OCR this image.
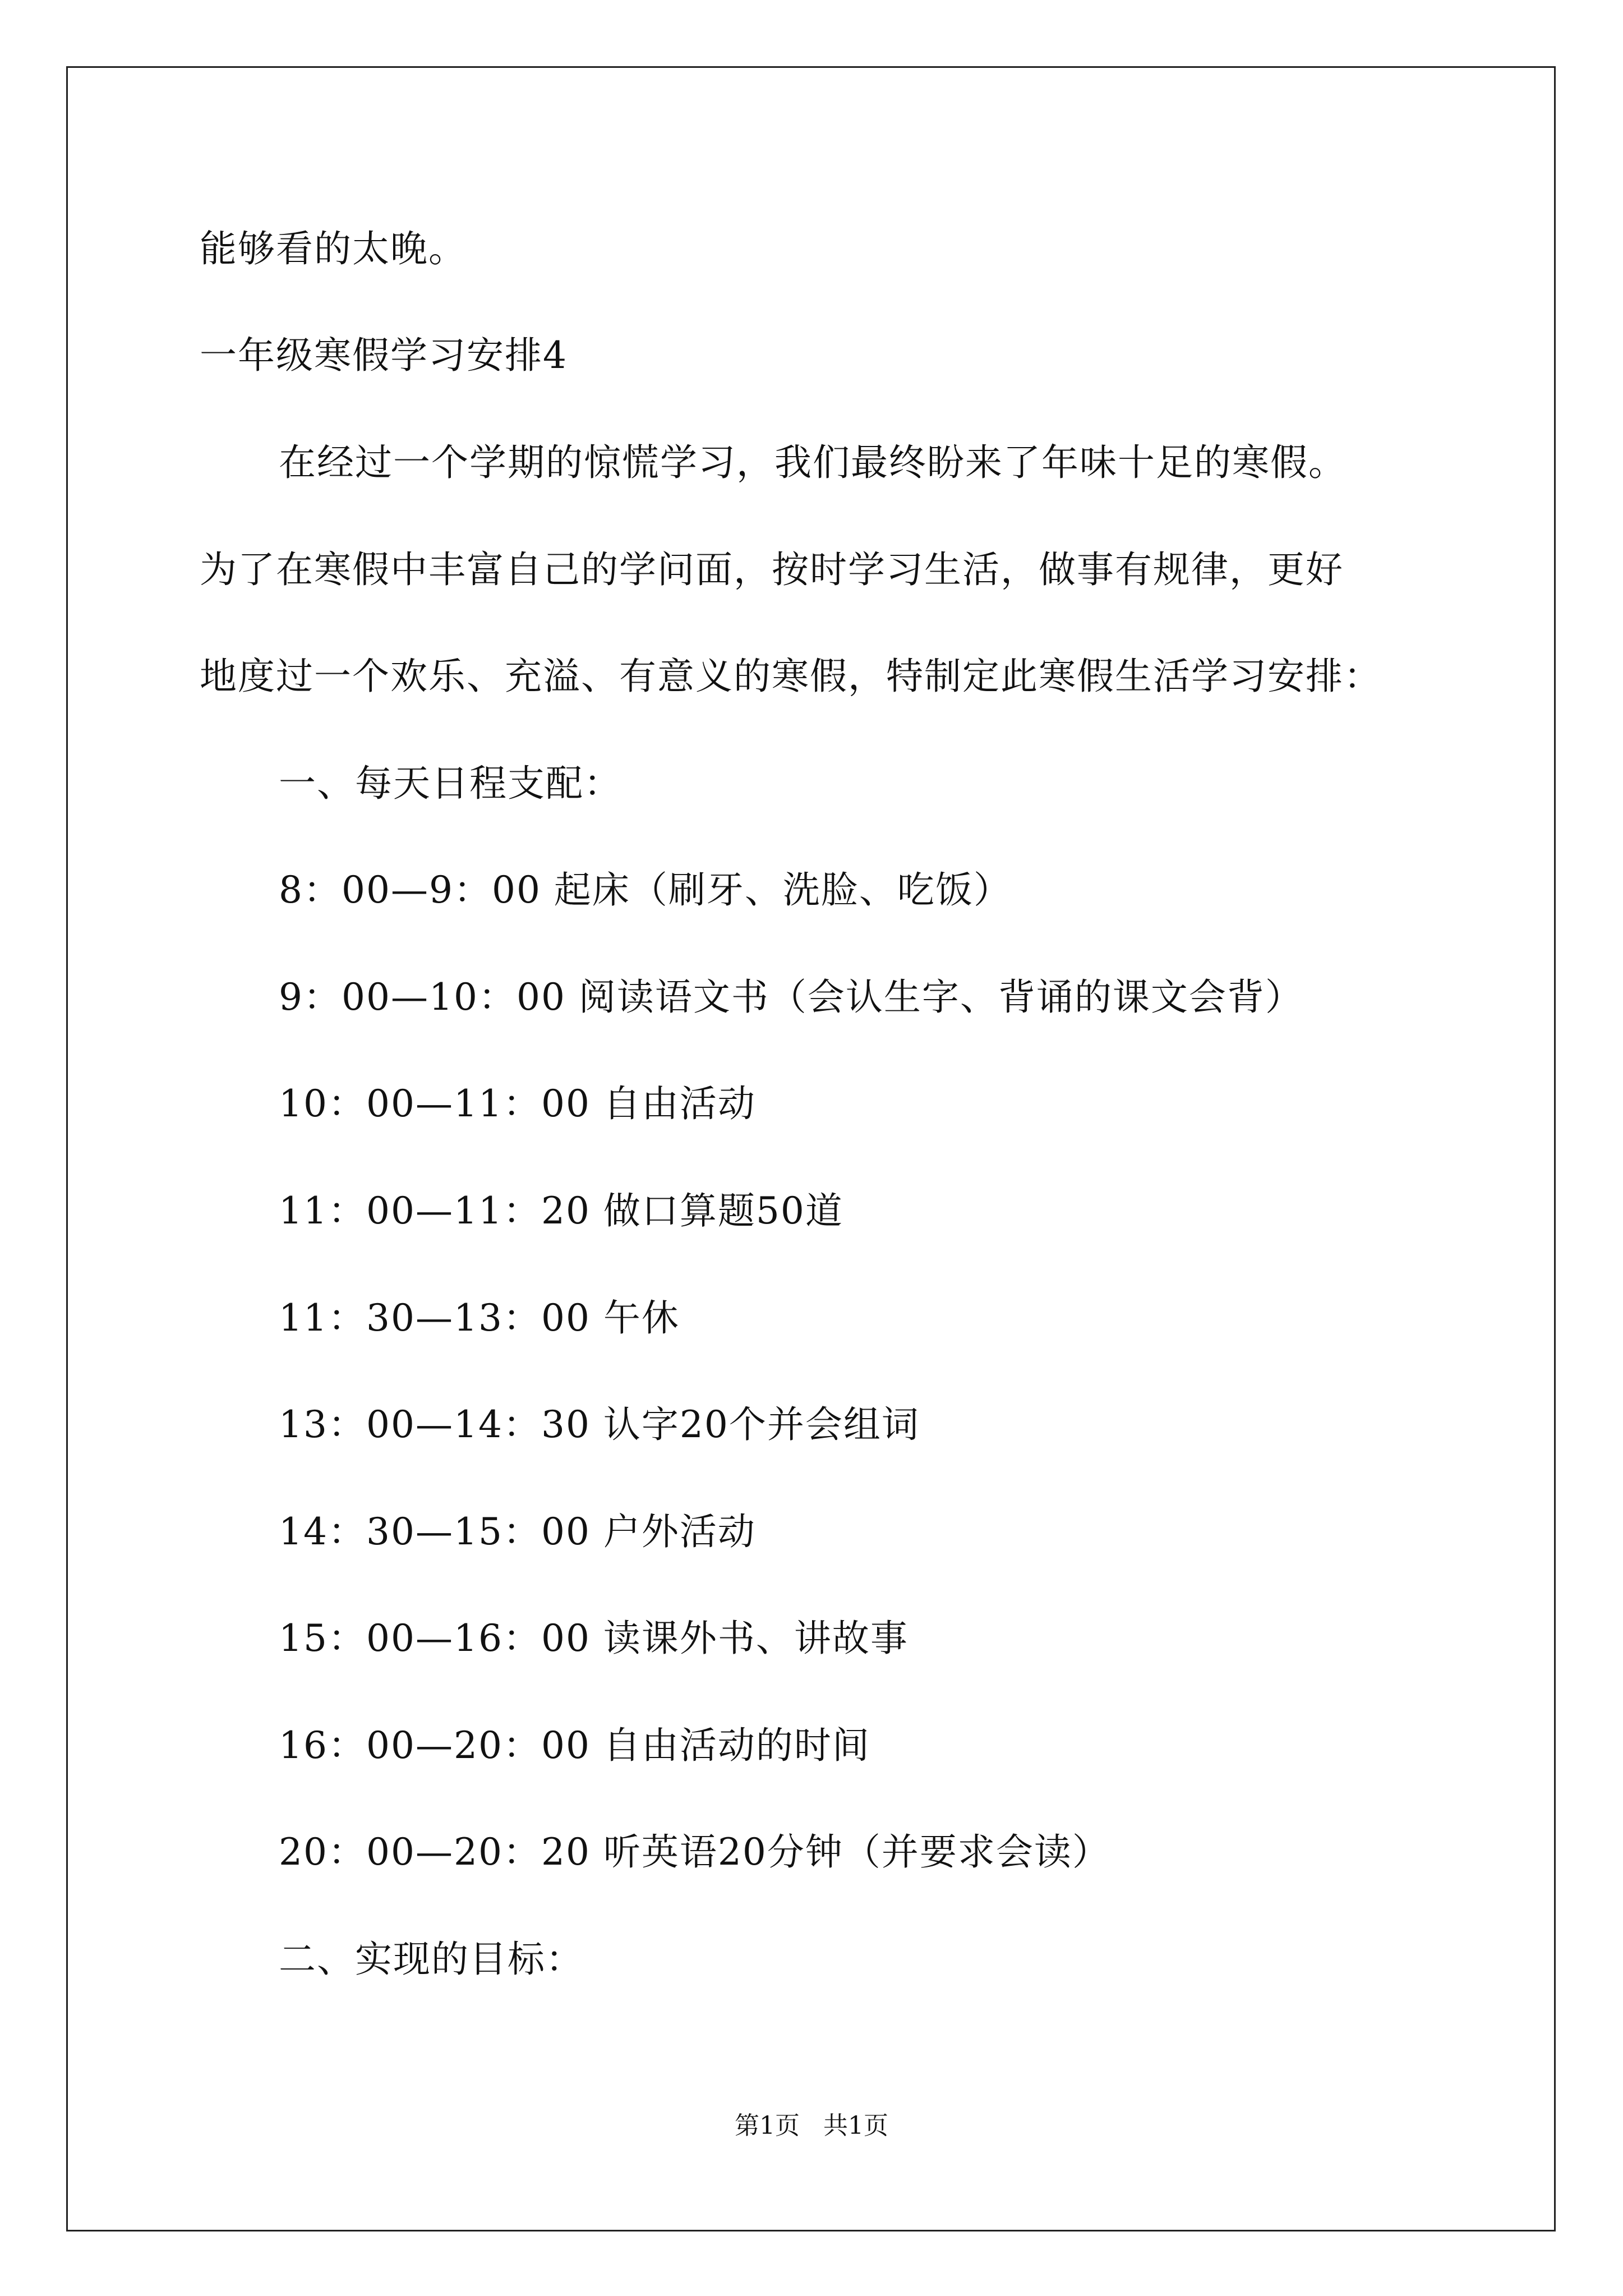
能够看的太晚。
一年级寒假学习安排4
在经过一个学期的惊慌学习，我们最终盼来了年味十足的寒假。
为了在寒假中丰富自己的学问面，按时学习生活，做事有规律，更好
地度过一个欢乐、充溢、有意义的寒假，特制定此寒假生活学习安排：
一、每天日程支配：
8：00—9：00 起床（刷牙、洗脸、吃饭）
9：00—10：00 阅读语文书（会认生字、背诵的课文会背）
10：00—11：00 自由活动
11：00—11：20 做口算题50道
11：30—13：00 午休
13：00—14：30 认字20个并会组词
14：30—15：00 户外活动
15：00—16：00 读课外书、讲故事
16：00—20：00 自由活动的时间
20：00—20：20 听英语20分钟（并要求会读）
二、实现的目标：
第1页   共1页
